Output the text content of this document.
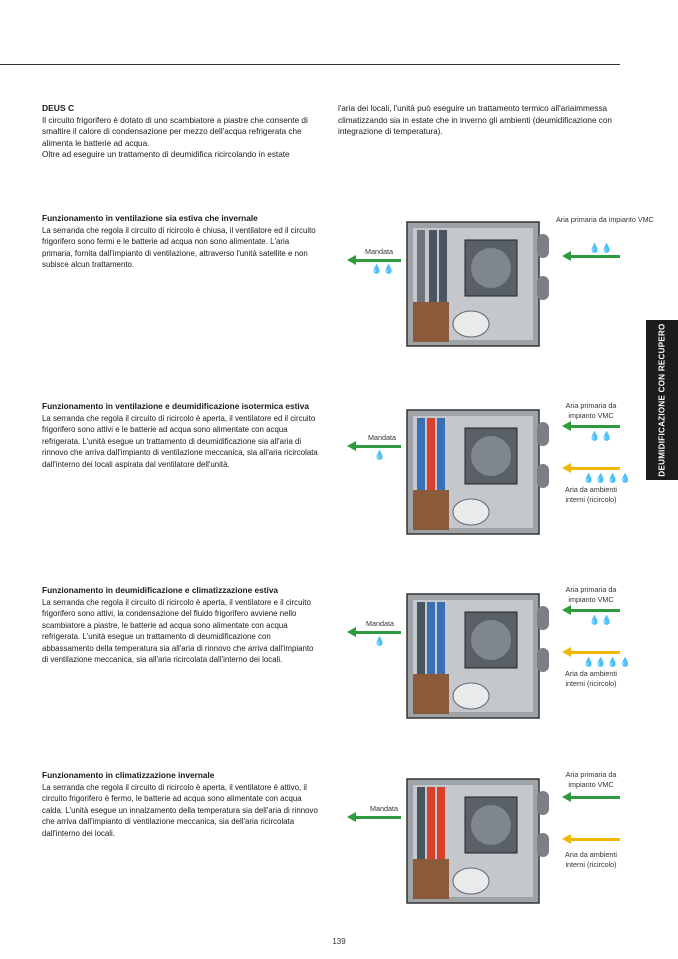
DEUS C
Il circuito frigorifero è dotato di uno scambiatore a piastre che consente di smaltire il calore di condensazione per mezzo dell'acqua refrigerata che alimenta le batterie ad acqua.
Oltre ad eseguire un trattamento di deumidifica ricircolando in estate
l'aria dei locali, l'unità può eseguire un trattamento termico all'ariaimmessa climatizzando sia in estate che in inverno gli ambienti (deumidificazione con integrazione di temperatura).
DEUMIDIFICAZIONE CON RECUPERO
Funzionamento in ventilazione sia estiva che invernale
La serranda che regola il circuito di ricircolo è chiusa, il ventilatore ed il circuito frigorifero sono fermi e le batterie ad acqua non sono alimentate. L'aria primaria, fornita dall'impianto di ventilazione, attraverso l'unità satellite e non subisce alcun trattamento.
Mandata
💧💧
Aria primaria da impianto VMC
💧💧
Funzionamento in ventilazione e deumidificazione isotermica estiva
La serranda che regola il circuito di ricircolo è aperta, il ventilatore ed il circuito frigorifero sono attivi e le batterie ad acqua sono alimentate con acqua refrigerata. L'unità esegue un trattamento di deumidificazione sia all'aria di rinnovo che arriva dall'impianto di ventilazione meccanica, sia all'aria ricircolata dall'interno dei locali aspirata dal ventilatore dell'unità.
Mandata
💧
Aria primaria da impianto VMC
💧💧
💧💧💧💧
Aria da ambienti interni (ricircolo)
Funzionamento in deumidificazione e climatizzazione estiva
La serranda che regola il circuito di ricircolo è aperta, il ventilatore e il circuito frigorifero sono attivi, la condensazione del fluido frigorifero avviene nello scambiatore a piastre, le batterie ad acqua sono alimentate con acqua refrigerata. L'unità esegue un trattamento di deumidificazione con abbassamento della temperatura sia all'aria di rinnovo che arriva dall'impianto di ventilazione meccanica, sia all'aria ricircolata dall'interno dei locali.
Mandata
💧
Aria primaria da impianto VMC
💧💧
💧💧💧💧
Aria da ambienti interni (ricircolo)
Funzionamento in climatizzazione invernale
La serranda che regola il circuito di ricircolo è aperta, il ventilatore è attivo, il circuito frigorifero è fermo, le batterie ad acqua sono alimentate con acqua calda. L'unità esegue un innalzamento della temperatura sia dell'aria di rinnovo che arriva dall'impianto di ventilazione meccanica, sia dell'aria ricircolata dall'interno dei locali.
Mandata
Aria primaria da impianto VMC
Aria da ambienti interni (ricircolo)
139
